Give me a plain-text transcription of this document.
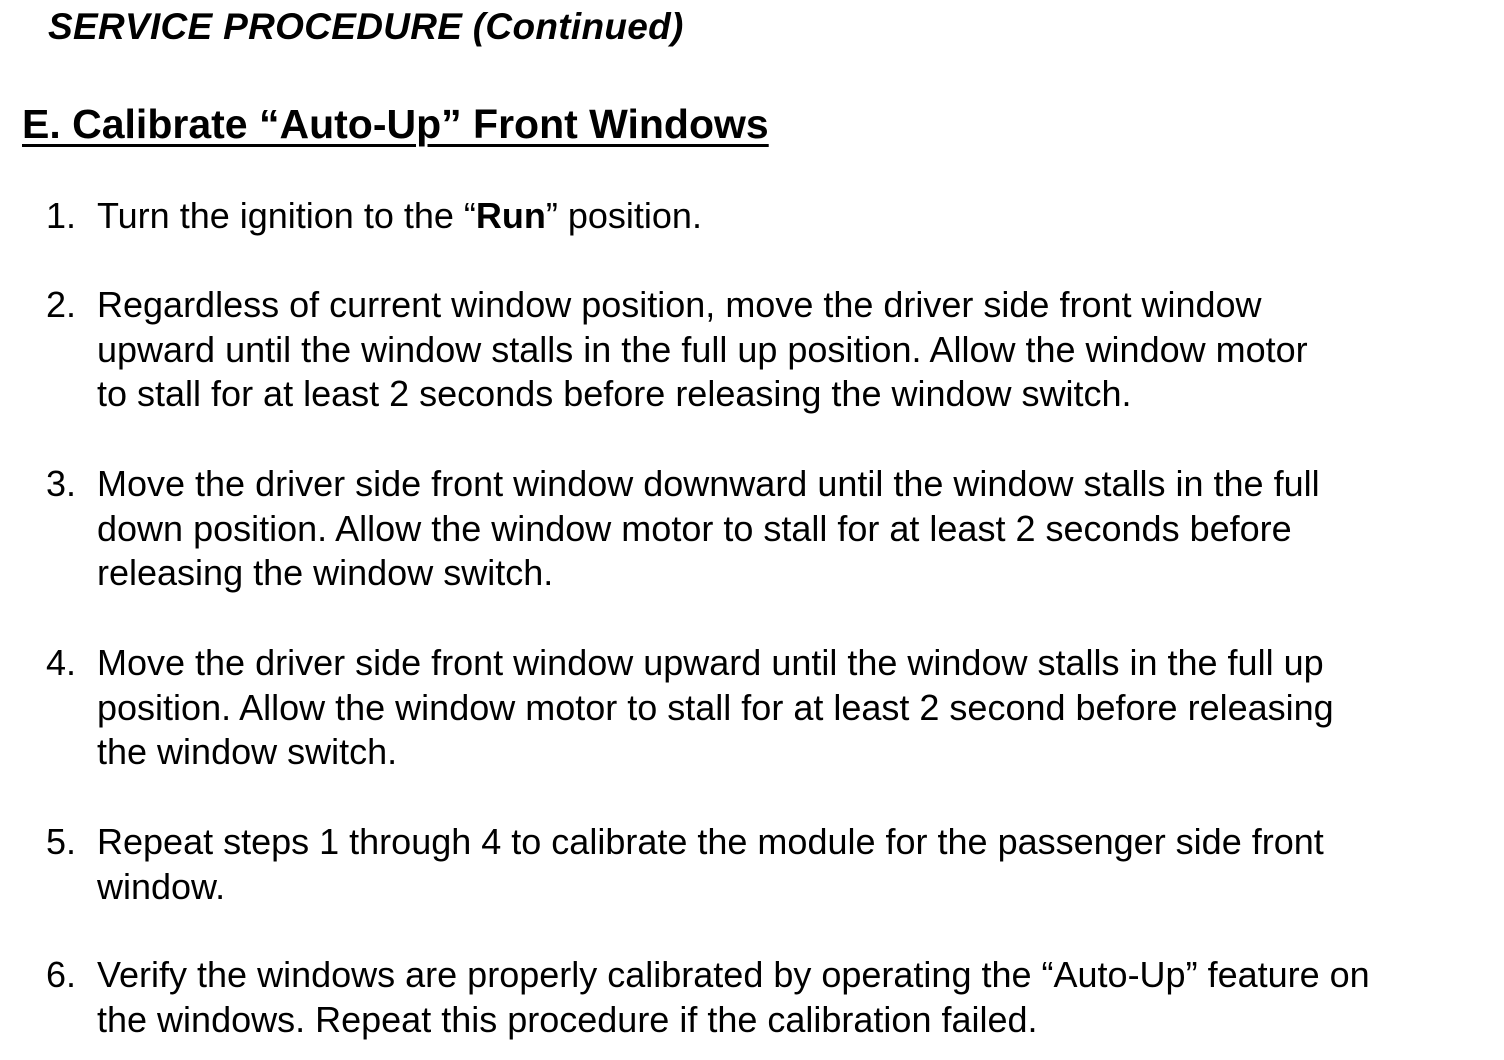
SERVICE PROCEDURE (Continued)
E. Calibrate “Auto-Up” Front Windows
1. Turn the ignition to the “Run” position.
2. Regardless of current window position, move the driver side front window
upward until the window stalls in the full up position. Allow the window motor
to stall for at least 2 seconds before releasing the window switch.
3. Move the driver side front window downward until the window stalls in the full
down position. Allow the window motor to stall for at least 2 seconds before
releasing the window switch.
4. Move the driver side front window upward until the window stalls in the full up
position. Allow the window motor to stall for at least 2 second before releasing
the window switch.
5. Repeat steps 1 through 4 to calibrate the module for the passenger side front
window.
6. Verify the windows are properly calibrated by operating the “Auto-Up” feature on
the windows. Repeat this procedure if the calibration failed.
